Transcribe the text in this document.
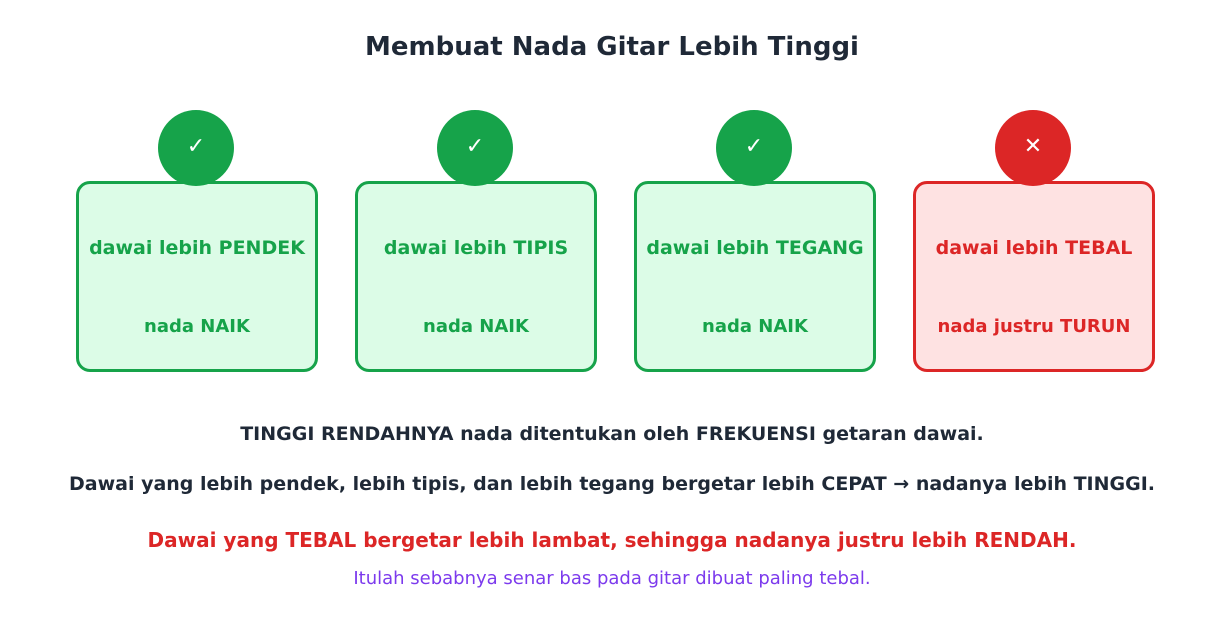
Membuat Nada Gitar Lebih Tinggi
dawai lebih PENDEK
nada NAIK
✓
dawai lebih TIPIS
nada NAIK
✓
dawai lebih TEGANG
nada NAIK
✓
dawai lebih TEBAL
nada justru TURUN
✕
TINGGI RENDAHNYA nada ditentukan oleh FREKUENSI getaran dawai.
Dawai yang lebih pendek, lebih tipis, dan lebih tegang bergetar lebih CEPAT → nadanya lebih TINGGI.
Dawai yang TEBAL bergetar lebih lambat, sehingga nadanya justru lebih RENDAH.
Itulah sebabnya senar bas pada gitar dibuat paling tebal.
